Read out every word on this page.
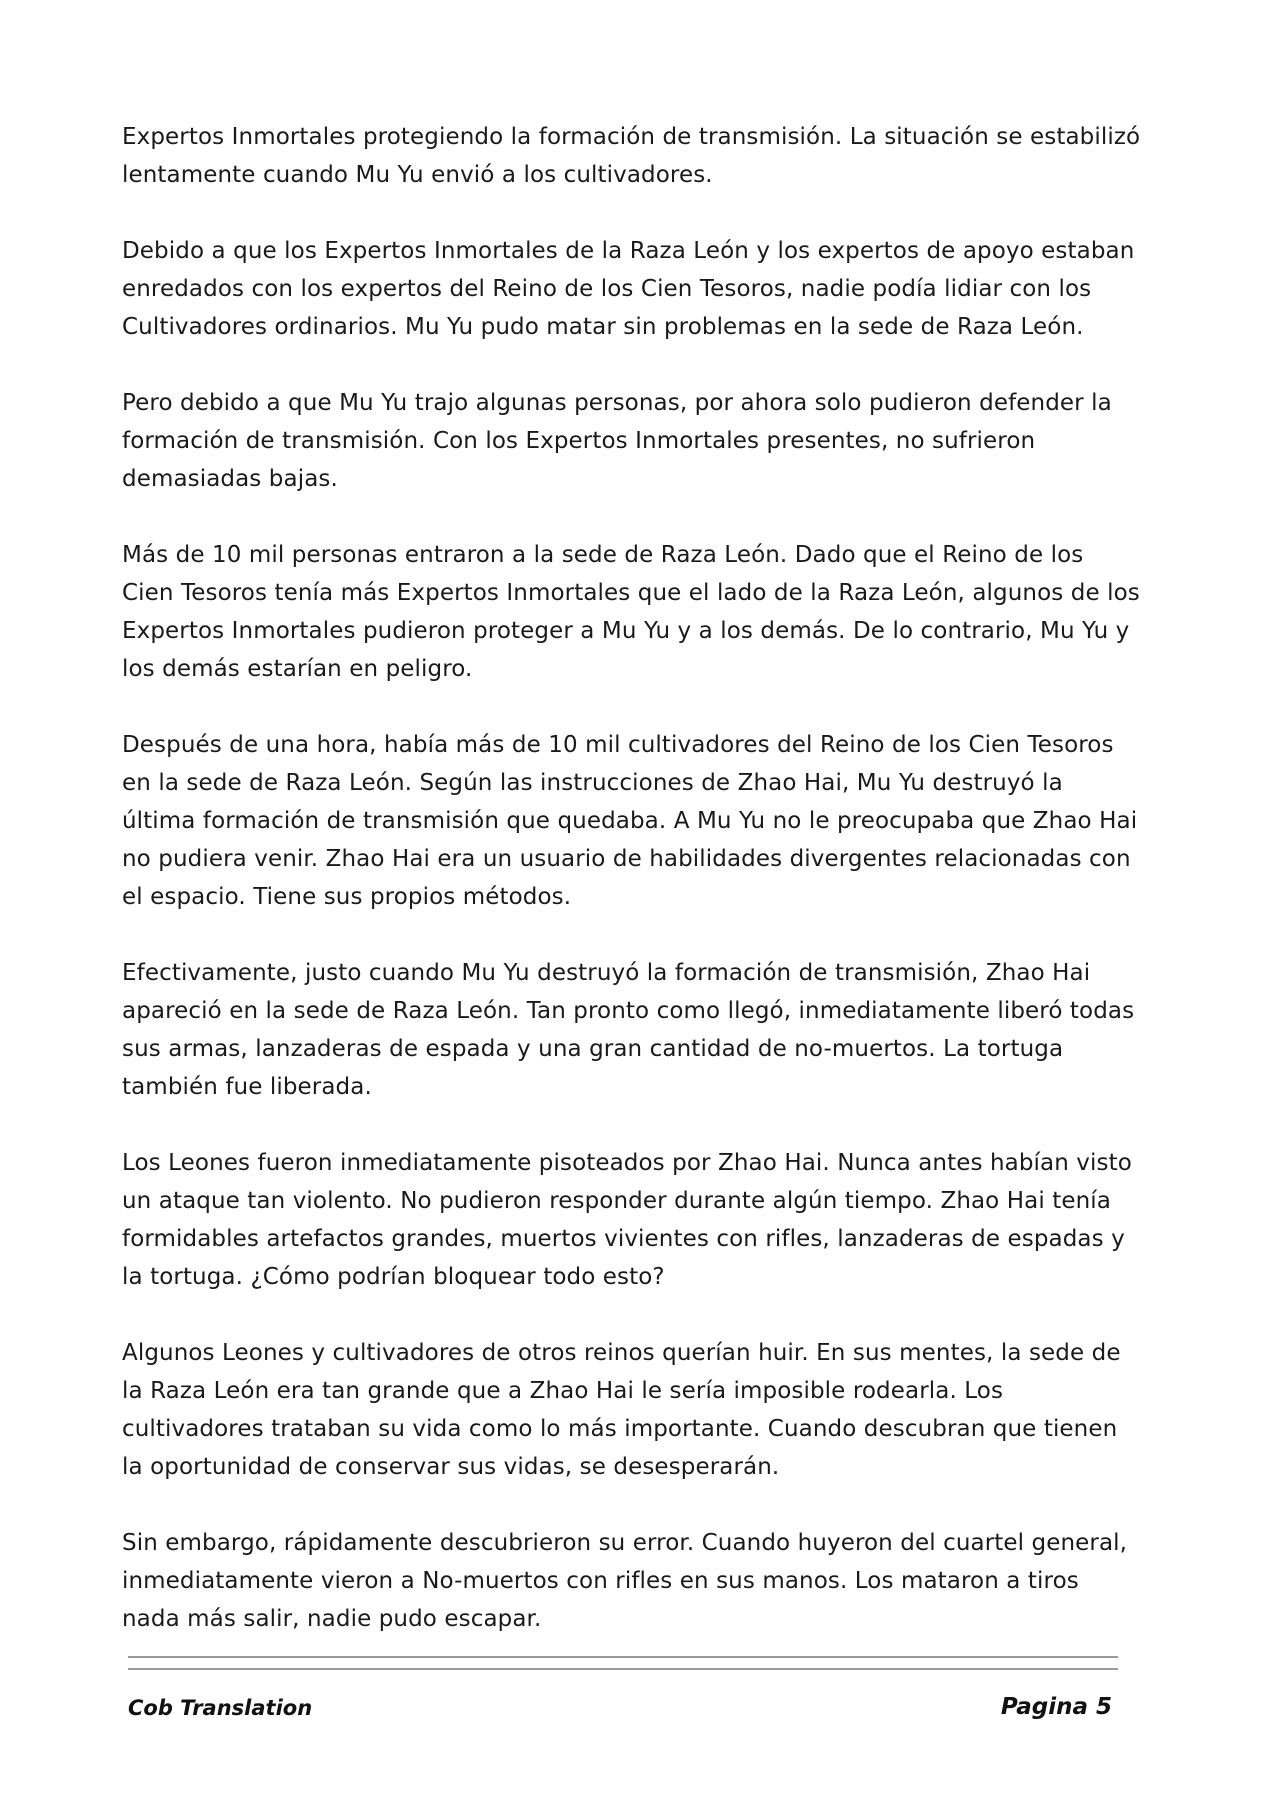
Expertos Inmortales protegiendo la formación de transmisión. La situación se estabilizó lentamente cuando Mu Yu envió a los cultivadores.

Debido a que los Expertos Inmortales de la Raza León y los expertos de apoyo estaban enredados con los expertos del Reino de los Cien Tesoros, nadie podía lidiar con los Cultivadores ordinarios. Mu Yu pudo matar sin problemas en la sede de Raza León.

Pero debido a que Mu Yu trajo algunas personas, por ahora solo pudieron defender la formación de transmisión. Con los Expertos Inmortales presentes, no sufrieron demasiadas bajas.

Más de 10 mil personas entraron a la sede de Raza León. Dado que el Reino de los Cien Tesoros tenía más Expertos Inmortales que el lado de la Raza León, algunos de los Expertos Inmortales pudieron proteger a Mu Yu y a los demás. De lo contrario, Mu Yu y los demás estarían en peligro.

Después de una hora, había más de 10 mil cultivadores del Reino de los Cien Tesoros en la sede de Raza León. Según las instrucciones de Zhao Hai, Mu Yu destruyó la última formación de transmisión que quedaba. A Mu Yu no le preocupaba que Zhao Hai no pudiera venir. Zhao Hai era un usuario de habilidades divergentes relacionadas con el espacio. Tiene sus propios métodos.

Efectivamente, justo cuando Mu Yu destruyó la formación de transmisión, Zhao Hai apareció en la sede de Raza León. Tan pronto como llegó, inmediatamente liberó todas sus armas, lanzaderas de espada y una gran cantidad de no-muertos. La tortuga también fue liberada.

Los Leones fueron inmediatamente pisoteados por Zhao Hai. Nunca antes habían visto un ataque tan violento. No pudieron responder durante algún tiempo. Zhao Hai tenía formidables artefactos grandes, muertos vivientes con rifles, lanzaderas de espadas y la tortuga. ¿Cómo podrían bloquear todo esto?

Algunos Leones y cultivadores de otros reinos querían huir. En sus mentes, la sede de la Raza León era tan grande que a Zhao Hai le sería imposible rodearla. Los cultivadores trataban su vida como lo más importante. Cuando descubran que tienen la oportunidad de conservar sus vidas, se desesperarán.

Sin embargo, rápidamente descubrieron su error. Cuando huyeron del cuartel general, inmediatamente vieron a No-muertos con rifles en sus manos. Los mataron a tiros nada más salir, nadie pudo escapar.

Cob Translation	Pagina 5
